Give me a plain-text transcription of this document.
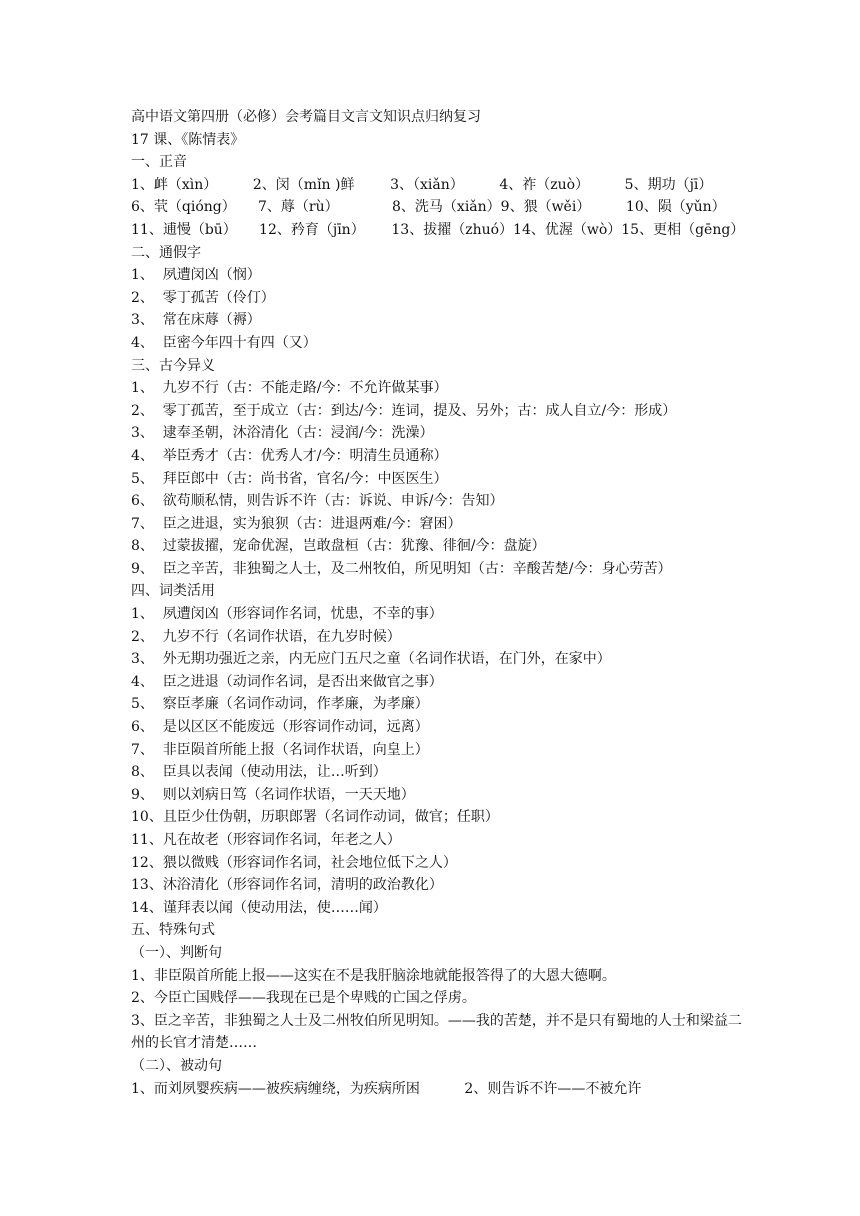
高中语文第四册（必修）会考篇目文言文知识点归纳复习
17 课、《陈情表》
一、正音
1、衅（xìn）        2、闵（mǐn )鲜        3、（xiǎn）        4、祚（zuò）        5、期功（jī）
6、茕（qióng）     7、蓐（rù）            8、洗马（xiǎn）9、猥（wěi）        10、陨（yǔn）
11、逋慢（bū）     12、矜育（jīn）      13、拔擢（zhuó）14、优渥（wò）15、更相（gēng）
二、通假字
1、  夙遭闵凶（悯）
2、  零丁孤苦（伶仃）
3、  常在床蓐（褥）
4、  臣密今年四十有四（又）
三、古今异义
1、  九岁不行（古：不能走路/今：不允许做某事）
2、  零丁孤苦，至于成立（古：到达/今：连词，提及、另外；古：成人自立/今：形成）
3、  逮奉圣朝，沐浴清化（古：浸润/今：洗澡）
4、  举臣秀才（古：优秀人才/今：明清生员通称）
5、  拜臣郎中（古：尚书省，官名/今：中医医生）
6、  欲苟顺私情，则告诉不许（古：诉说、申诉/今：告知）
7、  臣之进退，实为狼狈（古：进退两难/今：窘困）
8、  过蒙拔擢，宠命优渥，岂敢盘桓（古：犹豫、徘徊/今：盘旋）
9、  臣之辛苦，非独蜀之人士，及二州牧伯，所见明知（古：辛酸苦楚/今：身心劳苦）
四、词类活用
1、  夙遭闵凶（形容词作名词，忧患，不幸的事）
2、  九岁不行（名词作状语，在九岁时候）
3、  外无期功强近之亲，内无应门五尺之童（名词作状语，在门外，在家中）
4、  臣之进退（动词作名词，是否出来做官之事）
5、  察臣孝廉（名词作动词，作孝廉，为孝廉）
6、  是以区区不能废远（形容词作动词，远离）
7、  非臣陨首所能上报（名词作状语，向皇上）
8、  臣具以表闻（使动用法，让…听到）
9、  则以刘病日笃（名词作状语，一天天地）
10、且臣少仕伪朝，历职郎署（名词作动词，做官；任职）
11、凡在故老（形容词作名词，年老之人）
12、猥以微贱（形容词作名词，社会地位低下之人）
13、沐浴清化（形容词作名词，清明的政治教化）
14、谨拜表以闻（使动用法，使……闻）
五、特殊句式
（一）、判断句
1、非臣陨首所能上报——这实在不是我肝脑涂地就能报答得了的大恩大德啊。
2、今臣亡国贱俘——我现在已是个卑贱的亡国之俘虏。
3、臣之辛苦，非独蜀之人士及二州牧伯所见明知。——我的苦楚，并不是只有蜀地的人士和梁益二州的长官才清楚……
（二）、被动句
1、而刘夙婴疾病——被疾病缠绕，为疾病所困          2、则告诉不许——不被允许
